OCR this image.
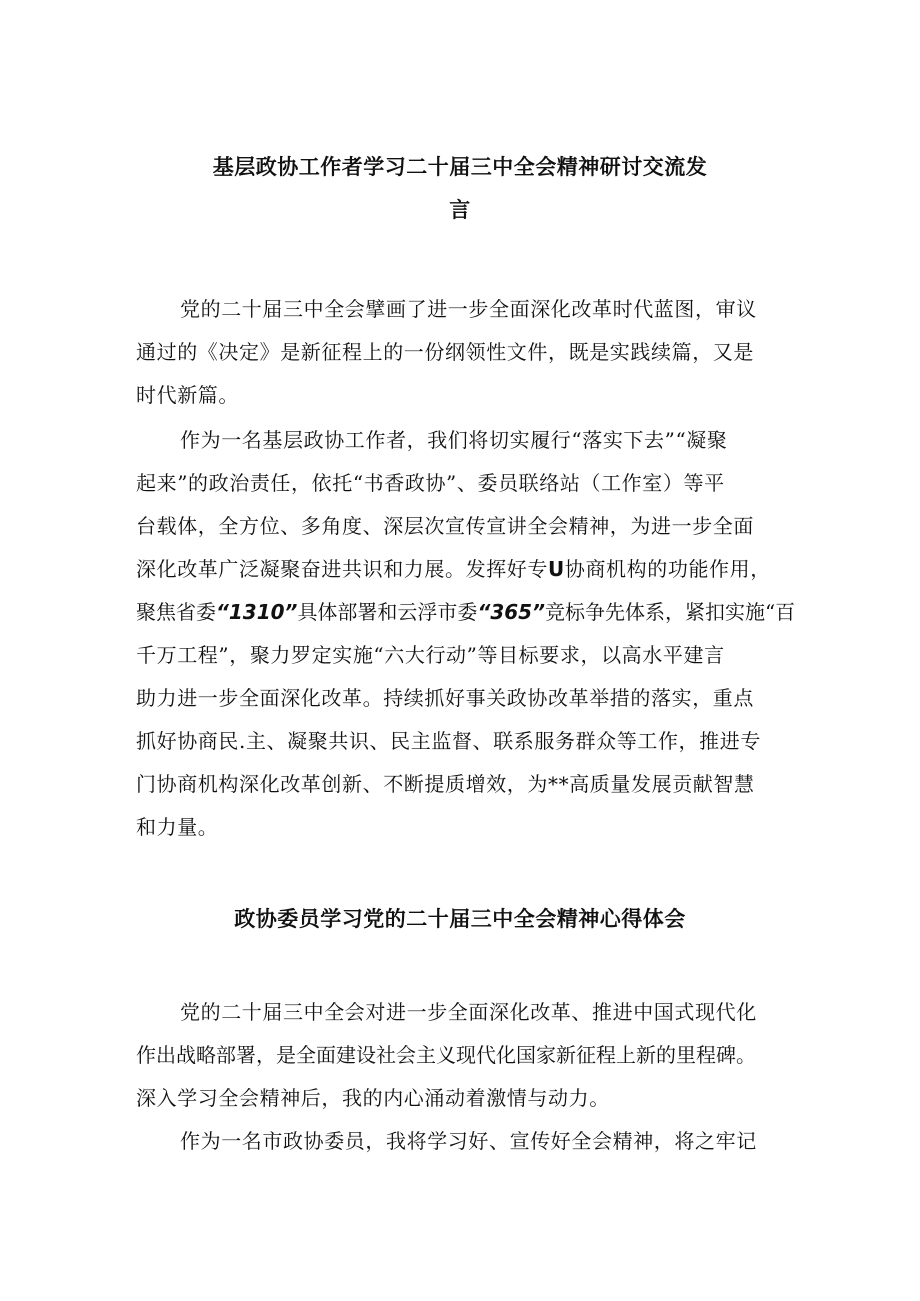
基层政协工作者学习二十届三中全会精神研讨交流发
言

党的二十届三中全会擘画了进一步全面深化改革时代蓝图，审议
通过的《决定》是新征程上的一份纲领性文件，既是实践续篇，又是
时代新篇。

作为一名基层政协工作者，我们将切实履行“落实下去”“凝聚
起来”的政治责任，依托“书香政协”、委员联络站（工作室）等平
台载体，全方位、多角度、深层次宣传宣讲全会精神，为进一步全面
深化改革广泛凝聚奋进共识和力展。发挥好专U协商机构的功能作用，
聚焦省委“1310”具体部署和云浮市委“365”竞标争先体系，紧扣实施“百
千万工程”，聚力罗定实施“六大行动”等目标要求，以高水平建言
助力进一步全面深化改革。持续抓好事关政协改革举措的落实，重点
抓好协商民.主、凝聚共识、民主监督、联系服务群众等工作，推进专
门协商机构深化改革创新、不断提质增效，为**高质量发展贡献智慧
和力量。

政协委员学习党的二十届三中全会精神心得体会

党的二十届三中全会对进一步全面深化改革、推进中国式现代化
作出战略部署，是全面建设社会主义现代化国家新征程上新的里程碑。
深入学习全会精神后，我的内心涌动着激情与动力。

作为一名市政协委员，我将学习好、宣传好全会精神，将之牢记
